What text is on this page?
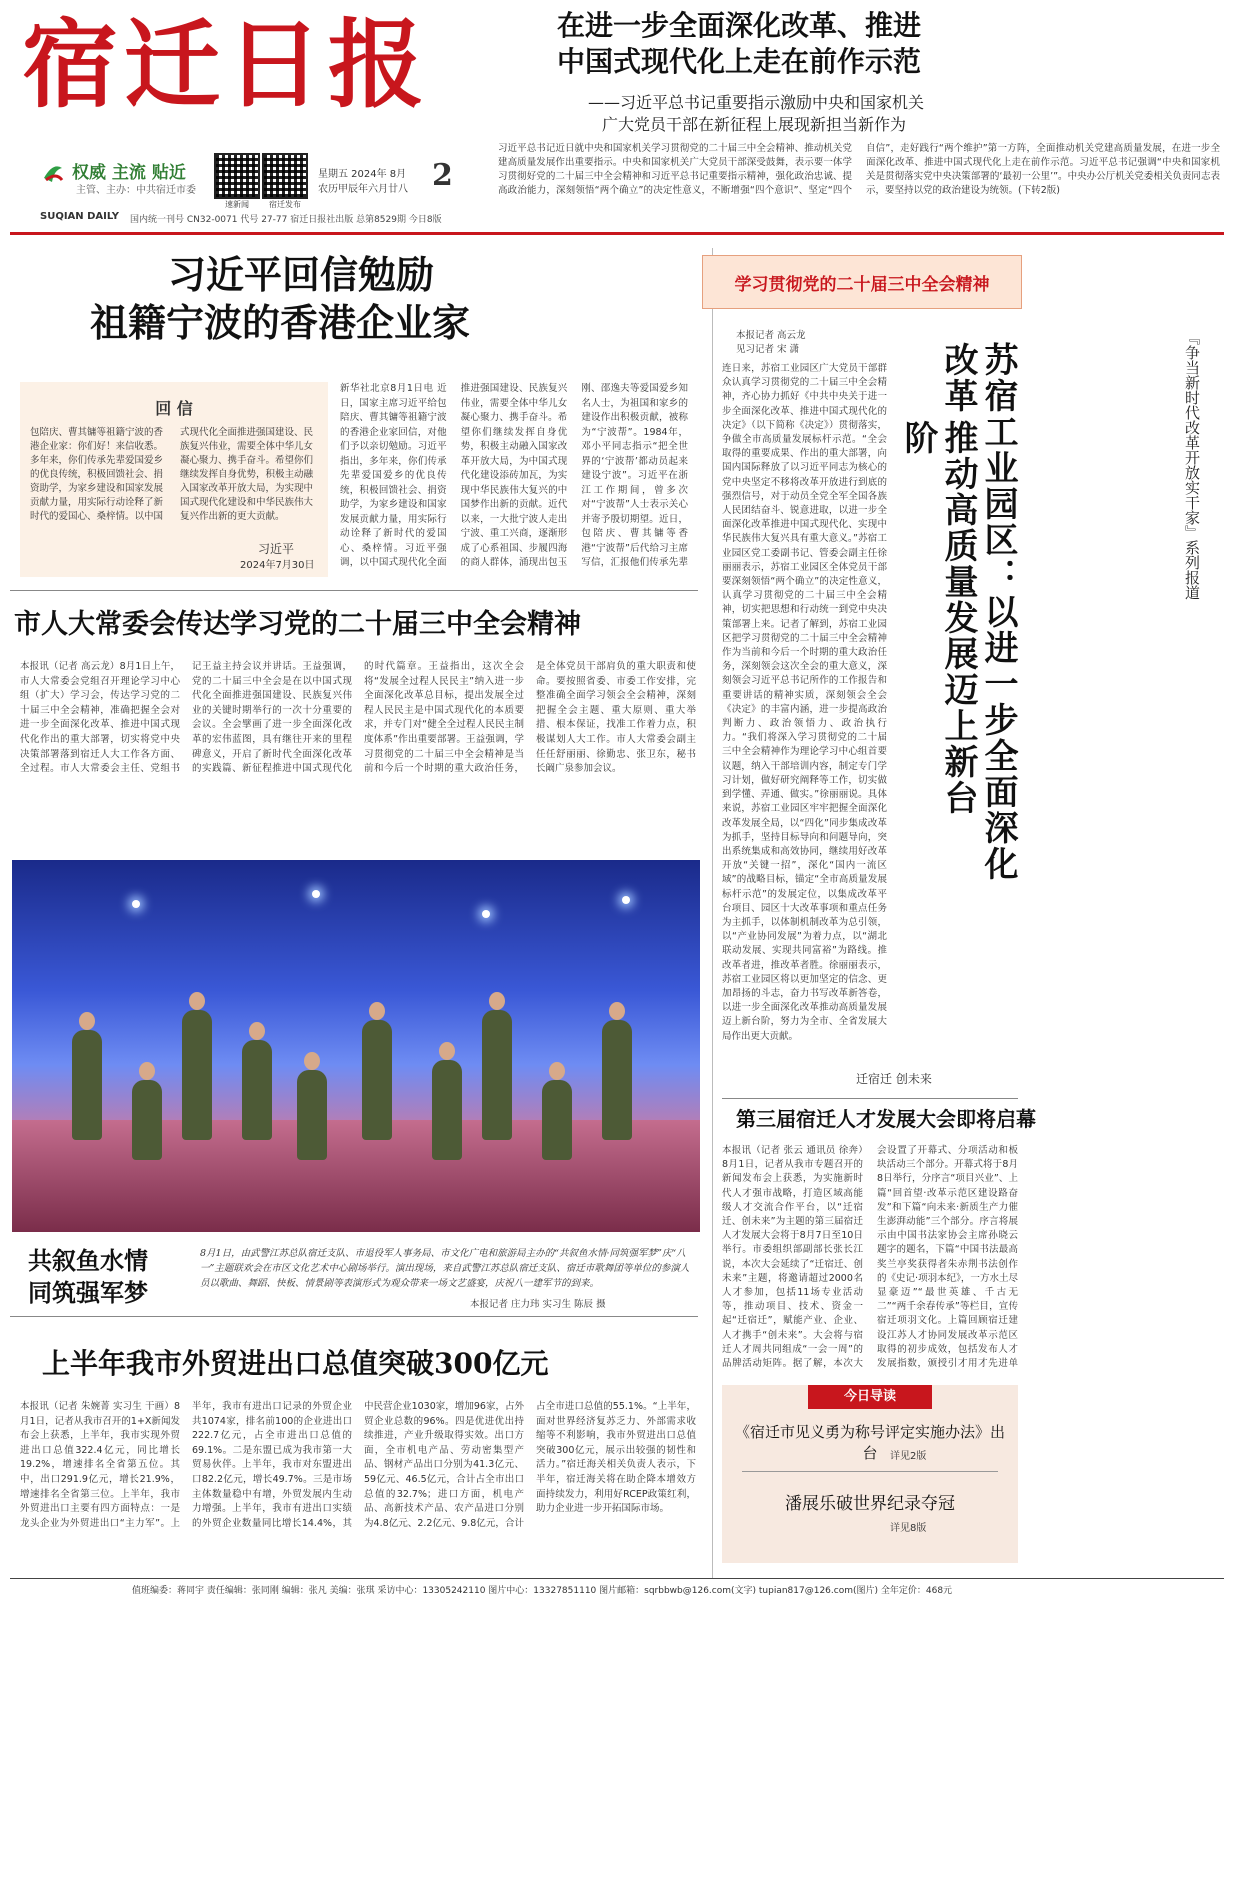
宿迁日报
权威 主流 贴近
主管、主办：中共宿迁市委
速新闻	宿迁发布
星期五 2024年 8月
农历甲辰年六月廿八 2
SUQIAN DAILY 国内统一刊号 CN32-0071 代号 27-77 宿迁日报社出版 总第8529期 今日8版
在进一步全面深化改革、推进
中国式现代化上走在前作示范
——习近平总书记重要指示激励中央和国家机关
广大党员干部在新征程上展现新担当新作为
习近平总书记近日就中央和国家机关学习贯彻党的二十届三中全会精神、推动机关党建高质量发展作出重要指示。中央和国家机关广大党员干部深受鼓舞，表示要一体学习贯彻好党的二十届三中全会精神和习近平总书记重要指示精神，强化政治忠诚、提高政治能力，深刻领悟“两个确立”的决定性意义，不断增强“四个意识”、坚定“四个自信”，走好践行“两个维护”第一方阵，全面推动机关党建高质量发展，在进一步全面深化改革、推进中国式现代化上走在前作示范。习近平总书记强调“中央和国家机关是贯彻落实党中央决策部署的‘最初一公里’”。中央办公厅机关党委相关负责同志表示，要坚持以党的政治建设为统领。(下转2版)
习近平回信勉励
祖籍宁波的香港企业家
回 信
包陪庆、曹其镛等祖籍宁波的香港企业家：你们好！来信收悉。多年来，你们传承先辈爱国爱乡的优良传统，积极回馈社会、捐资助学，为家乡建设和国家发展贡献力量，用实际行动诠释了新时代的爱国心、桑梓情。以中国式现代化全面推进强国建设、民族复兴伟业，需要全体中华儿女凝心聚力、携手奋斗。希望你们继续发挥自身优势，积极主动融入国家改革开放大局，为实现中国式现代化建设和中华民族伟大复兴作出新的更大贡献。
习近平
2024年7月30日
新华社北京8月1日电 近日，国家主席习近平给包陪庆、曹其镛等祖籍宁波的香港企业家回信，对他们予以亲切勉励。习近平指出，多年来，你们传承先辈爱国爱乡的优良传统，积极回馈社会、捐资助学，为家乡建设和国家发展贡献力量，用实际行动诠释了新时代的爱国心、桑梓情。习近平强调，以中国式现代化全面推进强国建设、民族复兴伟业，需要全体中华儿女凝心聚力、携手奋斗。希望你们继续发挥自身优势，积极主动融入国家改革开放大局，为中国式现代化建设添砖加瓦，为实现中华民族伟大复兴的中国梦作出新的贡献。近代以来，一大批宁波人走出宁波、重工兴商，逐渐形成了心系祖国、步履四海的商人群体，涌现出包玉刚、邵逸夫等爱国爱乡知名人士，为祖国和家乡的建设作出积极贡献，被称为“宁波帮”。1984年，邓小平同志指示“把全世界的‘宁波帮’都动员起来建设宁波”。习近平在浙江工作期间，曾多次对“宁波帮”人士表示关心并寄予殷切期望。近日，包陪庆、曹其镛等香港“宁波帮”后代给习主席写信，汇报他们传承先辈
市人大常委会传达学习党的二十届三中全会精神
本报讯（记者 高云龙）8月1日上午，市人大常委会党组召开理论学习中心组（扩大）学习会，传达学习党的二十届三中全会精神，准确把握全会对进一步全面深化改革、推进中国式现代化作出的重大部署，切实将党中央决策部署落到宿迁人大工作各方面、全过程。市人大常委会主任、党组书记王益主持会议并讲话。王益强调，党的二十届三中全会是在以中国式现代化全面推进强国建设、民族复兴伟业的关键时期举行的一次十分重要的会议。全会擘画了进一步全面深化改革的宏伟蓝图，具有继往开来的里程碑意义，开启了新时代全面深化改革的实践篇、新征程推进中国式现代化的时代篇章。王益指出，这次全会将“发展全过程人民民主”纳入进一步全面深化改革总目标，提出发展全过程人民民主是中国式现代化的本质要求，并专门对“健全全过程人民民主制度体系”作出重要部署。王益强调，学习贯彻党的二十届三中全会精神是当前和今后一个时期的重大政治任务，是全体党员干部肩负的重大职责和使命。要按照省委、市委工作安排，完整准确全面学习领会全会精神，深刻把握全会主题、重大原则、重大举措、根本保证，找准工作着力点，积极谋划人大工作。市人大常委会副主任任舒丽丽、徐勤忠、张卫东，秘书长阚广泉参加会议。
共叙鱼水情
同筑强军梦
8月1日，由武警江苏总队宿迁支队、市退役军人事务局、市文化广电和旅游局主办的“共叙鱼水情·同筑强军梦”庆“八一”主题联欢会在市区文化艺术中心剧场举行。演出现场，来自武警江苏总队宿迁支队、宿迁市歌舞团等单位的参演人员以歌曲、舞蹈、快板、情景剧等表演形式为观众带来一场文艺盛宴，庆祝八一建军节的到来。
本报记者 庄力玮 实习生 陈辰 摄
上半年我市外贸进出口总值突破300亿元
本报讯（记者 朱婉菁 实习生 干画）8月1日，记者从我市召开的1+X新闻发布会上获悉，上半年，我市实现外贸进出口总值322.4亿元，同比增长19.2%，增速排名全省第五位。其中，出口291.9亿元，增长21.9%，增速排名全省第三位。上半年，我市外贸进出口主要有四方面特点：一是龙头企业为外贸进出口“主力军”。上半年，我市有进出口记录的外贸企业共1074家，排名前100的企业进出口222.7亿元，占全市进出口总值的69.1%。二是东盟已成为我市第一大贸易伙伴。上半年，我市对东盟进出口82.2亿元，增长49.7%。三是市场主体数量稳中有增，外贸发展内生动力增强。上半年，我市有进出口实绩的外贸企业数量同比增长14.4%，其中民营企业1030家，增加96家，占外贸企业总数的96%。四是优进优出持续推进，产业升级取得实效。出口方面，全市机电产品、劳动密集型产品、钢材产品出口分别为41.3亿元、59亿元、46.5亿元，合计占全市出口总值的32.7%；进口方面，机电产品、高新技术产品、农产品进口分别为4.8亿元、2.2亿元、9.8亿元，合计占全市进口总值的55.1%。“上半年，面对世界经济复苏乏力、外部需求收缩等不利影响，我市外贸进出口总值突破300亿元，展示出较强的韧性和活力。”宿迁海关相关负责人表示，下半年，宿迁海关将在助企降本增效方面持续发力，利用好RCEP政策红利，助力企业进一步开拓国际市场。
学习贯彻党的二十届三中全会精神
本报记者 高云龙
见习记者 宋 潇	『争当新时代改革开放实干家』系列报道
苏宿工业园区：以进一步全面深化改革
推动高质量发展迈上新台阶
连日来，苏宿工业园区广大党员干部群众认真学习贯彻党的二十届三中全会精神，齐心协力抓好《中共中央关于进一步全面深化改革、推进中国式现代化的决定》（以下简称《决定》）贯彻落实，争做全市高质量发展标杆示范。“全会取得的重要成果、作出的重大部署，向国内国际释放了以习近平同志为核心的党中央坚定不移将改革开放进行到底的强烈信号，对于动员全党全军全国各族人民团结奋斗、锐意进取，以进一步全面深化改革推进中国式现代化、实现中华民族伟大复兴具有重大意义。”苏宿工业园区党工委副书记、管委会副主任徐丽丽表示，苏宿工业园区全体党员干部要深刻领悟“两个确立”的决定性意义，认真学习贯彻党的二十届三中全会精神，切实把思想和行动统一到党中央决策部署上来。记者了解到，苏宿工业园区把学习贯彻党的二十届三中全会精神作为当前和今后一个时期的重大政治任务，深刻领会这次全会的重大意义，深刻领会习近平总书记所作的工作报告和重要讲话的精神实质，深刻领会全会《决定》的丰富内涵，进一步提高政治判断力、政治领悟力、政治执行力。“我们将深入学习贯彻党的二十届三中全会精神作为理论学习中心组首要议题，纳入干部培训内容，制定专门学习计划，做好研究阐释等工作，切实做到学懂、弄通、做实。”徐丽丽说。具体来说，苏宿工业园区牢牢把握全面深化改革发展全局，以“四化”同步集成改革为抓手，坚持目标导向和问题导向，突出系统集成和高效协同，继续用好改革开放“关键一招”，深化“国内一流区域”的战略目标，锚定“全市高质量发展标杆示范”的发展定位，以集成改革平台项目、园区十大改革事项和重点任务为主抓手，以体制机制改革为总引领，以“产业协同发展”为着力点，以“湖北联动发展、实现共同富裕”为路线。推改革者进，推改革者胜。徐丽丽表示，苏宿工业园区将以更加坚定的信念、更加昂扬的斗志，奋力书写改革新答卷，以进一步全面深化改革推动高质量发展迈上新台阶，努力为全市、全省发展大局作出更大贡献。
迁宿迁 创未来
第三届宿迁人才发展大会即将启幕
本报讯（记者 张云 通讯员 徐奔）8月1日，记者从我市专题召开的新闻发布会上获悉，为实施新时代人才强市战略，打造区域高能级人才交流合作平台，以“迁宿迁、创未来”为主题的第三届宿迁人才发展大会将于8月7日至10日举行。市委组织部副部长张长江说，本次大会延续了“迁宿迁、创未来”主题，将邀请超过2000名人才参加，包括11场专业活动等，推动项目、技术、资金一起“迁宿迁”，赋能产业、企业、人才携手“创未来”。大会将与宿迁人才周共同组成“一会一周”的品牌活动矩阵。据了解，本次大会设置了开幕式、分项活动和板块活动三个部分。开幕式将于8月8日举行，分序言“项目兴业”、上篇“回首望·改革示范区建设路奋发”和下篇“向未来·新质生产力催生澎湃动能”三个部分。序言将展示由中国书法家协会主席孙晓云题字的题名，下篇“中国书法最高奖兰亭奖获得者朱赤荆书法创作的《史记·项羽本纪》，一方水土尽显豪迈”“最世英雄、千古无二”“两千余春传承”等栏目，宣传宿迁项羽文化。上篇回顾宿迁建设江苏人才协同发展改革示范区取得的初步成效，包括发布人才发展指数，颁授引才用才先进单
今日导读
《宿迁市见义勇为称号评定实施办法》出台	详见2版
潘展乐破世界纪录夺冠
详见8版
值班编委：蒋同宇 责任编辑：张同刚 编辑：张凡 美编：张琪 采访中心：13305242110 图片中心：13327851110 图片邮箱：sqrbbwb@126.com(文字) tupian817@126.com(图片) 全年定价：468元
